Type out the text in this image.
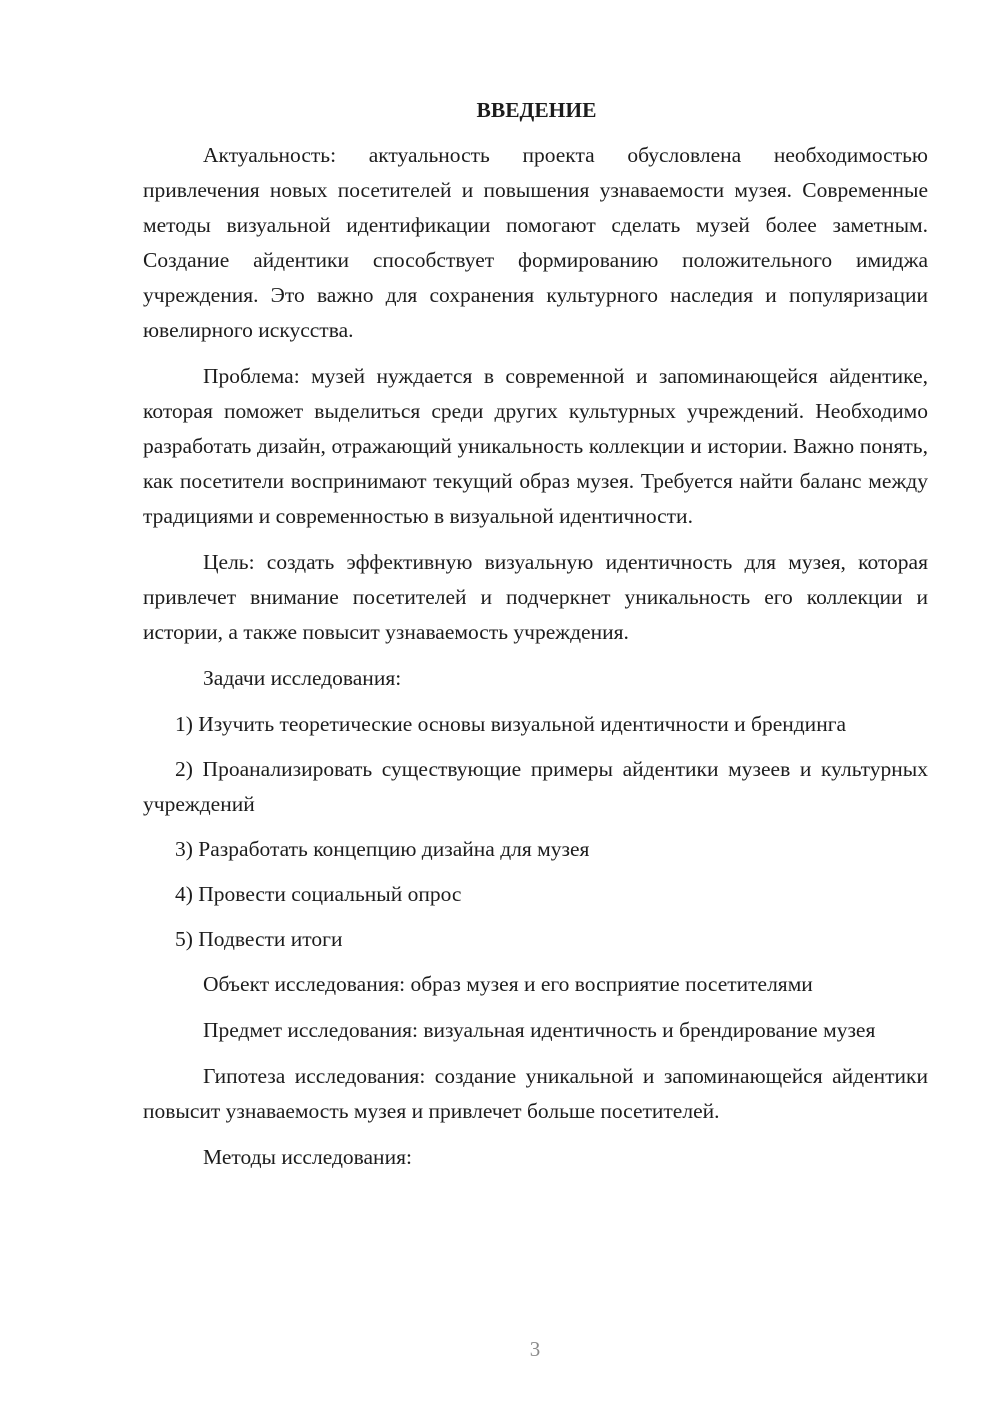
ВВЕДЕНИЕ

Актуальность: актуальность проекта обусловлена необходимостью привлечения новых посетителей и повышения узнаваемости музея. Современные методы визуальной идентификации помогают сделать музей более заметным. Создание айдентики способствует формированию положительного имиджа учреждения. Это важно для сохранения культурного наследия и популяризации ювелирного искусства.

Проблема: музей нуждается в современной и запоминающейся айдентике, которая поможет выделиться среди других культурных учреждений. Необходимо разработать дизайн, отражающий уникальность коллекции и истории. Важно понять, как посетители воспринимают текущий образ музея. Требуется найти баланс между традициями и современностью в визуальной идентичности.

Цель: создать эффективную визуальную идентичность для музея, которая привлечет внимание посетителей и подчеркнет уникальность его коллекции и истории, а также повысит узнаваемость учреждения.

Задачи исследования:

1) Изучить теоретические основы визуальной идентичности и брендинга

2) Проанализировать существующие примеры айдентики музеев и культурных учреждений

3) Разработать концепцию дизайна для музея

4) Провести социальный опрос

5) Подвести итоги

Объект исследования: образ музея и его восприятие посетителями

Предмет исследования: визуальная идентичность и брендирование музея

Гипотеза исследования: создание уникальной и запоминающейся айдентики повысит узнаваемость музея и привлечет больше посетителей.

Методы исследования:

3
